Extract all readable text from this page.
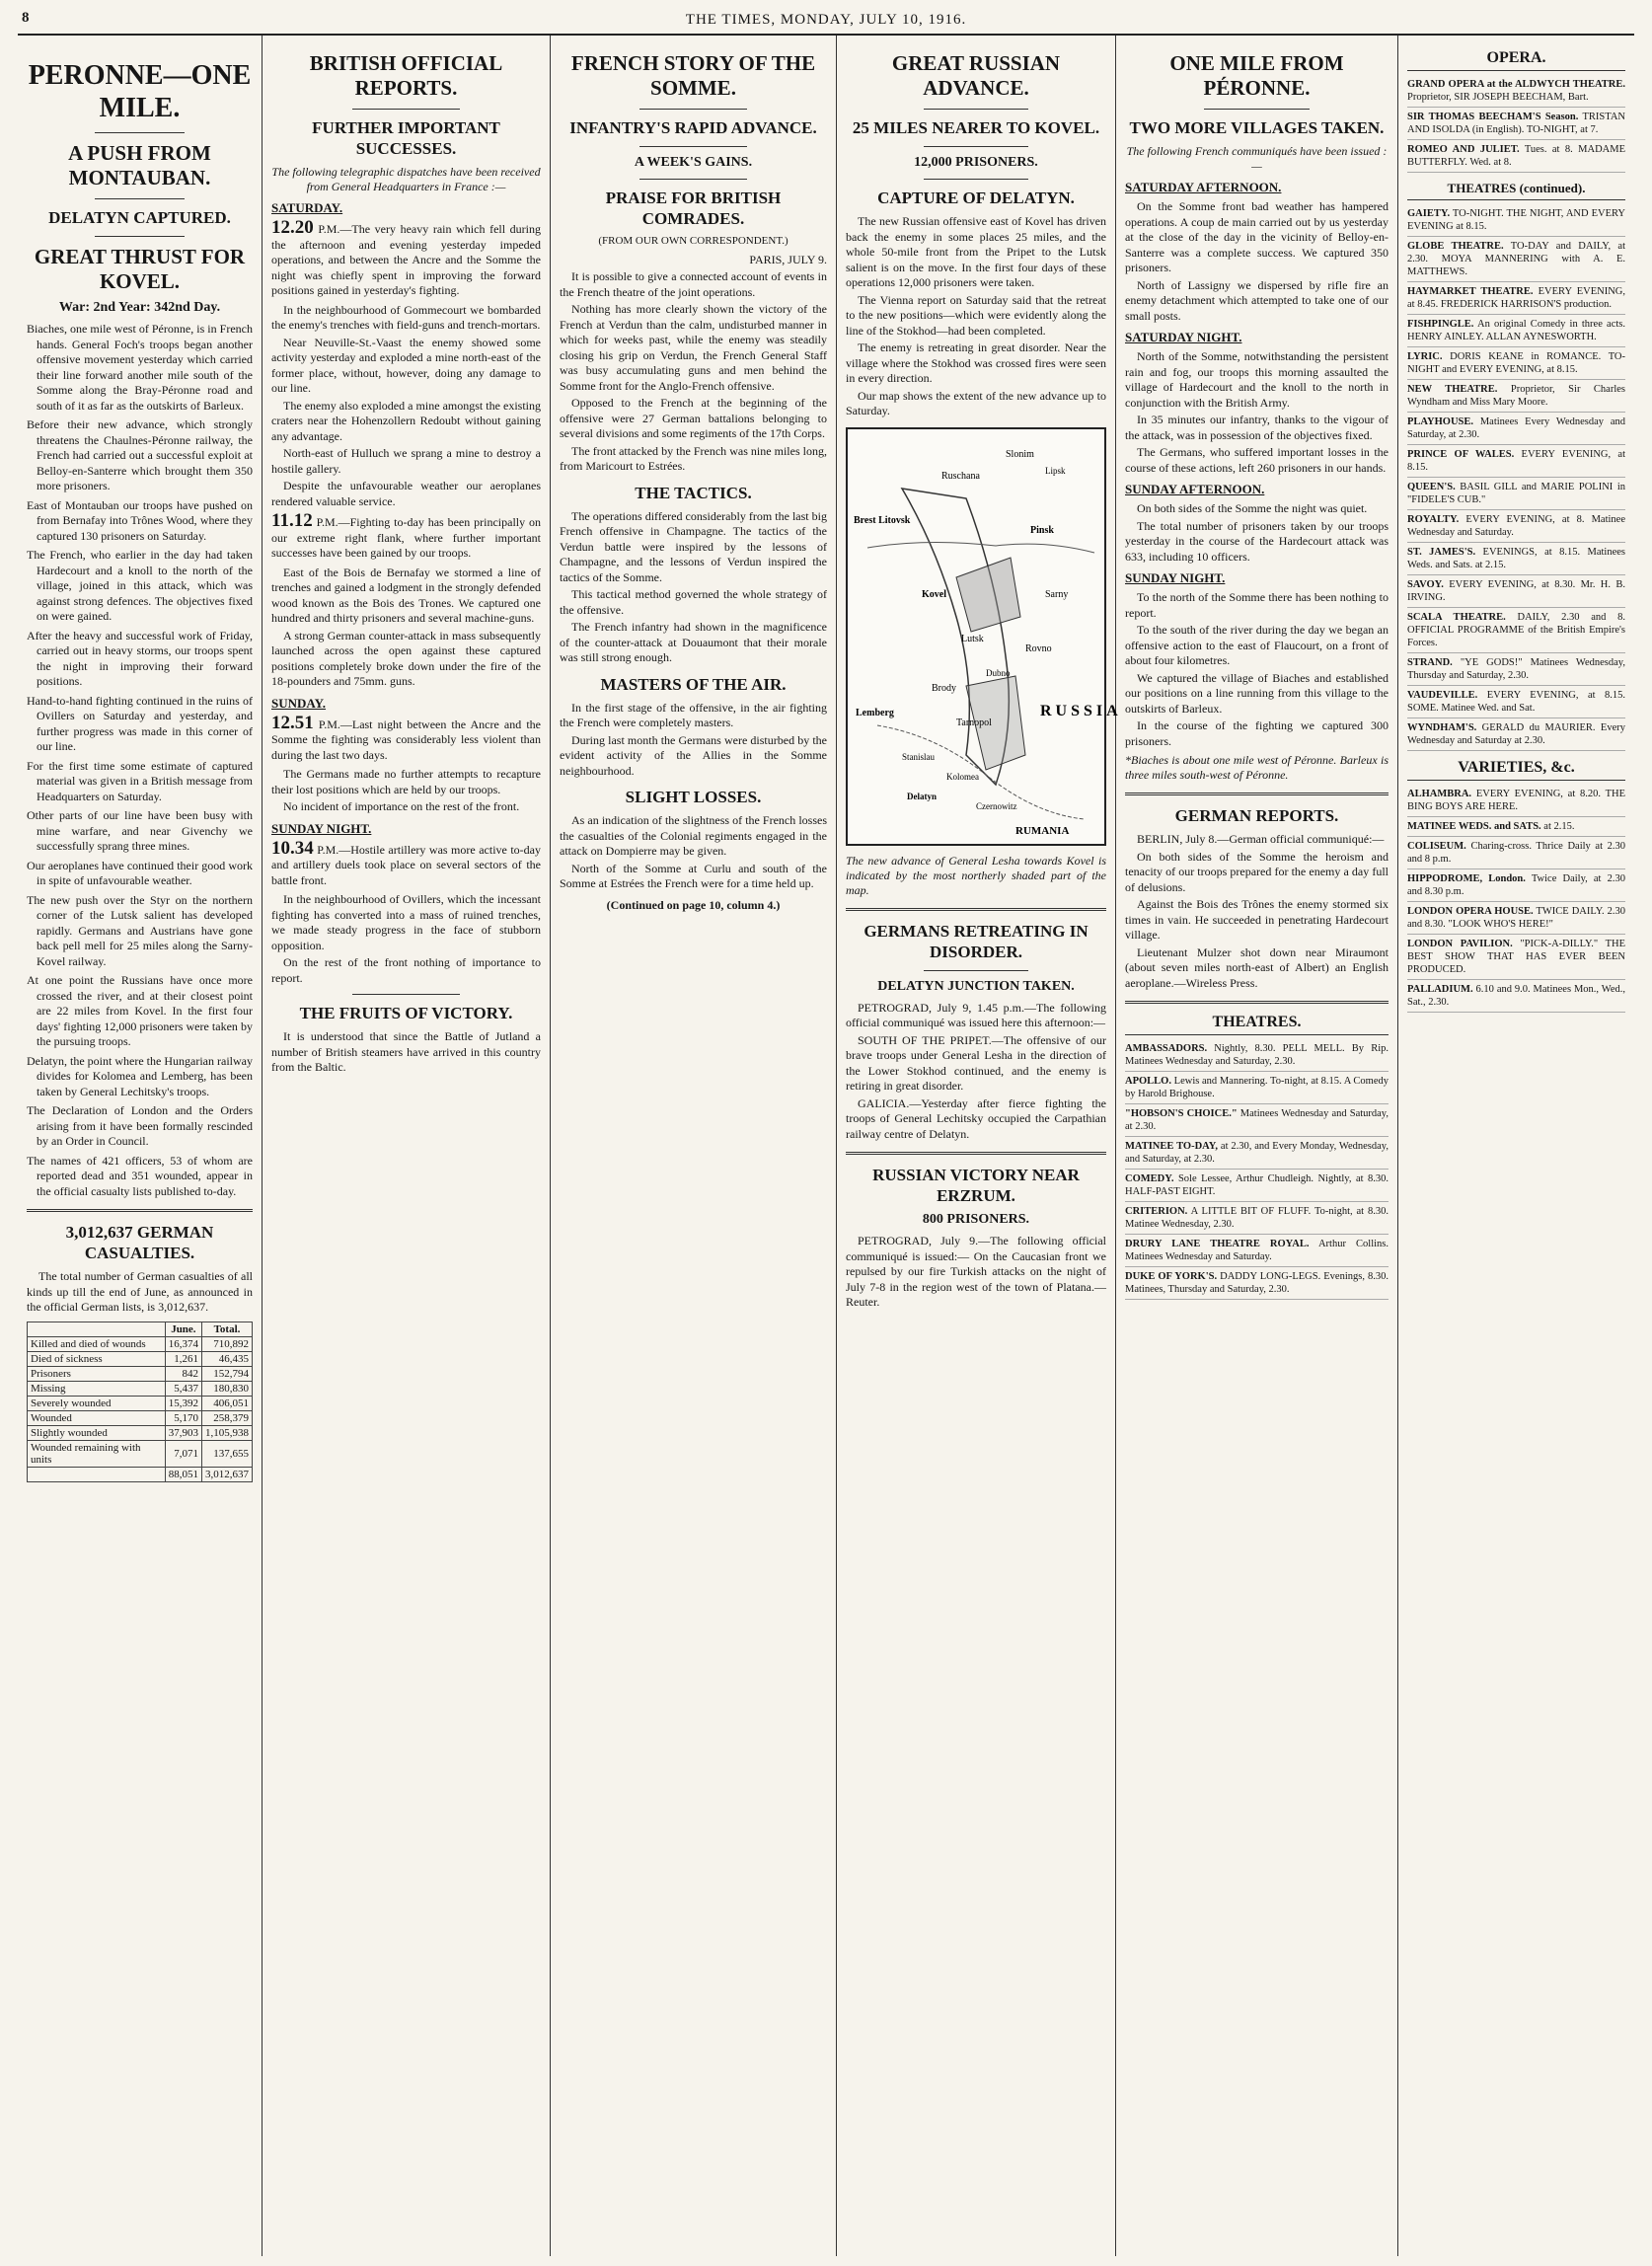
8	THE TIMES, MONDAY, JULY 10, 1916.
PERONNE—ONE MILE.
A PUSH FROM MONTAUBAN.
DELATYN CAPTURED.
GREAT THRUST FOR KOVEL.
War: 2nd Year: 342nd Day.
Biaches, one mile west of Péronne, is in French hands. General Foch's troops began another offensive movement yesterday which carried their line forward another mile south of the Somme along the Bray-Péronne road and south of it as far as the outskirts of Barleux.
Before their new advance, which strongly threatens the Chaulnes-Péronne railway, the French had carried out a successful exploit at Belloy-en-Santerre which brought them 350 more prisoners.
East of Montauban our troops have pushed on from Bernafay into Trônes Wood, where they captured 130 prisoners on Saturday.
The French, who earlier in the day had taken Hardecourt and a knoll to the north of the village, joined in this attack, which was against strong defences. The objectives fixed on were gained.
After the heavy and successful work of Friday, carried out in heavy storms, our troops spent the night in improving their forward positions.
Hand-to-hand fighting continued in the ruins of Ovillers on Saturday and yesterday, and further progress was made in this corner of our line.
For the first time some estimate of captured material was given in a British message from Headquarters on Saturday.
Other parts of our line have been busy with mine warfare, and near Givenchy we successfully sprang three mines.
Our aeroplanes have continued their good work in spite of unfavourable weather.
The new push over the Styr on the northern corner of the Lutsk salient has developed rapidly. Germans and Austrians have gone back pell mell for 25 miles along the Sarny-Kovel railway.
At one point the Russians have once more crossed the river, and at their closest point are 22 miles from Kovel. In the first four days' fighting 12,000 prisoners were taken by the pursuing troops.
Delatyn, the point where the Hungarian railway divides for Kolomea and Lemberg, has been taken by General Lechitsky's troops.
The Declaration of London and the Orders arising from it have been formally rescinded by an Order in Council.
The names of 421 officers, 53 of whom are reported dead and 351 wounded, appear in the official casualty lists published to-day.
3,012,637 GERMAN CASUALTIES.
The total number of German casualties of all kinds up till the end of June, as announced in the official German lists, is 3,012,637.
	June.	Total.
Killed and died of wounds	16,374	710,892
Died of sickness	1,261	46,435
Prisoners	842	152,794
Missing	5,437	180,830
Severely wounded	15,392	406,051
Wounded	5,170	258,379
Slightly wounded	37,903	1,105,938
Wounded remaining with units	7,071	137,655
	88,051	3,012,637
BRITISH OFFICIAL REPORTS.
FURTHER IMPORTANT SUCCESSES.
The following telegraphic dispatches have been received from General Headquarters in France :—
SATURDAY.
12.20 P.M.—The very heavy rain which fell during the afternoon and evening yesterday impeded operations, and between the Ancre and the Somme the night was chiefly spent in improving the forward positions gained in yesterday's fighting.
In the neighbourhood of Gommecourt we bombarded the enemy's trenches with field-guns and trench-mortars.
Near Neuville-St.-Vaast the enemy showed some activity yesterday and exploded a mine north-east of the former place, without, however, doing any damage to our line.
The enemy also exploded a mine amongst the existing craters near the Hohenzollern Redoubt without gaining any advantage.
North-east of Hulluch we sprang a mine to destroy a hostile gallery.
Despite the unfavourable weather our aeroplanes rendered valuable service.
11.12 P.M.—Fighting to-day has been principally on our extreme right flank, where further important successes have been gained by our troops.
East of the Bois de Bernafay we stormed a line of trenches and gained a lodgment in the strongly defended wood known as the Bois des Trones. We captured one hundred and thirty prisoners and several machine-guns.
A strong German counter-attack in mass subsequently launched across the open against these captured positions completely broke down under the fire of the 18-pounders and 75mm. guns.
SUNDAY.
12.51 P.M.—Last night between the Ancre and the Somme the fighting was considerably less violent than during the last two days.
The Germans made no further attempts to recapture their lost positions which are held by our troops.
No incident of importance on the rest of the front.
SUNDAY NIGHT.
10.34 P.M.—Hostile artillery was more active to-day and artillery duels took place on several sectors of the battle front.
In the neighbourhood of Ovillers, which the incessant fighting has converted into a mass of ruined trenches, we made steady progress in the face of stubborn opposition.
On the rest of the front nothing of importance to report.
THE FRUITS OF VICTORY.
It is understood that since the Battle of Jutland a number of British steamers have arrived in this country from the Baltic.
FRENCH STORY OF THE SOMME.
INFANTRY'S RAPID ADVANCE.
A WEEK'S GAINS.
PRAISE FOR BRITISH COMRADES.
(FROM OUR OWN CORRESPONDENT.)
PARIS, JULY 9.
It is possible to give a connected account of events in the French theatre of the joint operations.
Nothing has more clearly shown the victory of the French at Verdun than the calm, undisturbed manner in which for weeks past, while the enemy was steadily closing his grip on Verdun, the French General Staff was busy accumulating guns and men behind the Somme front for the Anglo-French offensive.
Opposed to the French at the beginning of the offensive were 27 German battalions belonging to several divisions and some regiments of the 17th Corps.
The front attacked by the French was nine miles long, from Maricourt to Estrées.
THE TACTICS.
The operations differed considerably from the last big French offensive in Champagne. The tactics of the Verdun battle were inspired by the lessons of Champagne, and the lessons of Verdun inspired the tactics of the Somme.
This tactical method governed the whole strategy of the offensive.
The French infantry had shown in the magnificence of the counter-attack at Douaumont that their morale was still strong enough.
MASTERS OF THE AIR.
In the first stage of the offensive, in the air fighting the French were completely masters.
During last month the Germans were disturbed by the evident activity of the Allies in the Somme neighbourhood.
SLIGHT LOSSES.
As an indication of the slightness of the French losses the casualties of the Colonial regiments engaged in the attack on Dompierre may be given.
North of the Somme at Curlu and south of the Somme at Estrées the French were for a time held up.
(Continued on page 10, column 4.)
GREAT RUSSIAN ADVANCE.
25 MILES NEARER TO KOVEL.
12,000 PRISONERS.
CAPTURE OF DELATYN.
The new Russian offensive east of Kovel has driven back the enemy in some places 25 miles, and the whole 50-mile front from the Pripet to the Lutsk salient is on the move. In the first four days of these operations 12,000 prisoners were taken.
The Vienna report on Saturday said that the retreat to the new positions—which were evidently along the line of the Stokhod—had been completed.
The enemy is retreating in great disorder. Near the village where the Stokhod was crossed fires were seen in every direction.
Our map shows the extent of the new advance up to Saturday.
Slonim
Lipsk
Ruschana
Brest Litovsk
Pinsk
Kovel	Sarny
Lutsk
Rovno
Dubno
Brody
Lemberg
Tarnopol
Stanislau
Kolomea
Delatyn
Czernowitz
RUSSIA
RUMANIA
The new advance of General Lesha towards Kovel is indicated by the most northerly shaded part of the map.
GERMANS RETREATING IN DISORDER.
DELATYN JUNCTION TAKEN.
PETROGRAD, July 9, 1.45 p.m.—The following official communiqué was issued here this afternoon:—
SOUTH OF THE PRIPET.—The offensive of our brave troops under General Lesha in the direction of the Lower Stokhod continued, and the enemy is retiring in great disorder.
GALICIA.—Yesterday after fierce fighting the troops of General Lechitsky occupied the Carpathian railway centre of Delatyn.
RUSSIAN VICTORY NEAR ERZRUM.
800 PRISONERS.
PETROGRAD, July 9.—The following official communiqué is issued:— On the Caucasian front we repulsed by our fire Turkish attacks on the night of July 7-8 in the region west of the town of Platana.—Reuter.
ONE MILE FROM PÉRONNE.
TWO MORE VILLAGES TAKEN.
The following French communiqués have been issued :—
SATURDAY AFTERNOON.
On the Somme front bad weather has hampered operations. A coup de main carried out by us yesterday at the close of the day in the vicinity of Belloy-en-Santerre was a complete success. We captured 350 prisoners.
North of Lassigny we dispersed by rifle fire an enemy detachment which attempted to take one of our small posts.
SATURDAY NIGHT.
North of the Somme, notwithstanding the persistent rain and fog, our troops this morning assaulted the village of Hardecourt and the knoll to the north in conjunction with the British Army.
In 35 minutes our infantry, thanks to the vigour of the attack, was in possession of the objectives fixed.
The Germans, who suffered important losses in the course of these actions, left 260 prisoners in our hands.
SUNDAY AFTERNOON.
On both sides of the Somme the night was quiet.
The total number of prisoners taken by our troops yesterday in the course of the Hardecourt attack was 633, including 10 officers.
SUNDAY NIGHT.
To the north of the Somme there has been nothing to report.
To the south of the river during the day we began an offensive action to the east of Flaucourt, on a front of about four kilometres.
We captured the village of Biaches and established our positions on a line running from this village to the outskirts of Barleux.
In the course of the fighting we captured 300 prisoners.
*Biaches is about one mile west of Péronne. Barleux is three miles south-west of Péronne.
GERMAN REPORTS.
BERLIN, July 8.—German official communiqué:—
On both sides of the Somme the heroism and tenacity of our troops prepared for the enemy a day full of delusions.
Against the Bois des Trônes the enemy stormed six times in vain. He succeeded in penetrating Hardecourt village.
Lieutenant Mulzer shot down near Miraumont (about seven miles north-east of Albert) an English aeroplane.—Wireless Press.
THEATRES.
AMBASSADORS. Nightly, 8.30. PELL MELL. By Rip. Matinees Wednesday and Saturday, 2.30.
APOLLO. Lewis and Mannering. To-night, at 8.15. A Comedy by Harold Brighouse.
"HOBSON'S CHOICE." Matinees Wednesday and Saturday, at 2.30.
MATINEE TO-DAY, at 2.30, and Every Monday, Wednesday, and Saturday, at 2.30.
COMEDY. Sole Lessee, Arthur Chudleigh. Nightly, at 8.30. HALF-PAST EIGHT.
CRITERION. A LITTLE BIT OF FLUFF. To-night, at 8.30. Matinee Wednesday, 2.30.
DRURY LANE THEATRE ROYAL. Arthur Collins. Matinees Wednesday and Saturday.
DUKE OF YORK'S. DADDY LONG-LEGS. Evenings, 8.30. Matinees, Thursday and Saturday, 2.30.
OPERA.
GRAND OPERA at the ALDWYCH THEATRE. Proprietor, SIR JOSEPH BEECHAM, Bart.
SIR THOMAS BEECHAM'S Season. TRISTAN AND ISOLDA (in English). TO-NIGHT, at 7.
ROMEO AND JULIET. Tues. at 8. MADAME BUTTERFLY. Wed. at 8.
THEATRES (continued).
GAIETY. TO-NIGHT. THE NIGHT, AND EVERY EVENING at 8.15.
GLOBE THEATRE. TO-DAY and DAILY, at 2.30. MOYA MANNERING with A. E. MATTHEWS.
HAYMARKET THEATRE. EVERY EVENING, at 8.45. FREDERICK HARRISON'S production.
FISHPINGLE. An original Comedy in three acts. HENRY AINLEY. ALLAN AYNESWORTH.
LYRIC. DORIS KEANE in ROMANCE. TO-NIGHT and EVERY EVENING, at 8.15.
NEW THEATRE. Proprietor, Sir Charles Wyndham and Miss Mary Moore.
PLAYHOUSE. Matinees Every Wednesday and Saturday, at 2.30.
PRINCE OF WALES. EVERY EVENING, at 8.15.
QUEEN'S. BASIL GILL and MARIE POLINI in "FIDELE'S CUB."
ROYALTY. EVERY EVENING, at 8. Matinee Wednesday and Saturday.
ST. JAMES'S. EVENINGS, at 8.15. Matinees Weds. and Sats. at 2.15.
SAVOY. EVERY EVENING, at 8.30. Mr. H. B. IRVING.
SCALA THEATRE. DAILY, 2.30 and 8. OFFICIAL PROGRAMME of the British Empire's Forces.
STRAND. "YE GODS!" Matinees Wednesday, Thursday and Saturday, 2.30.
VAUDEVILLE. EVERY EVENING, at 8.15. SOME. Matinee Wed. and Sat.
WYNDHAM'S. GERALD du MAURIER. Every Wednesday and Saturday at 2.30.
VARIETIES, &c.
ALHAMBRA. EVERY EVENING, at 8.20. THE BING BOYS ARE HERE.
MATINEE WEDS. and SATS. at 2.15.
COLISEUM. Charing-cross. Thrice Daily at 2.30 and 8 p.m.
HIPPODROME, London. Twice Daily, at 2.30 and 8.30 p.m.
LONDON OPERA HOUSE. TWICE DAILY. 2.30 and 8.30. "LOOK WHO'S HERE!"
LONDON PAVILION. "PICK-A-DILLY." THE BEST SHOW THAT HAS EVER BEEN PRODUCED.
PALLADIUM. 6.10 and 9.0. Matinees Mon., Wed., Sat., 2.30.
